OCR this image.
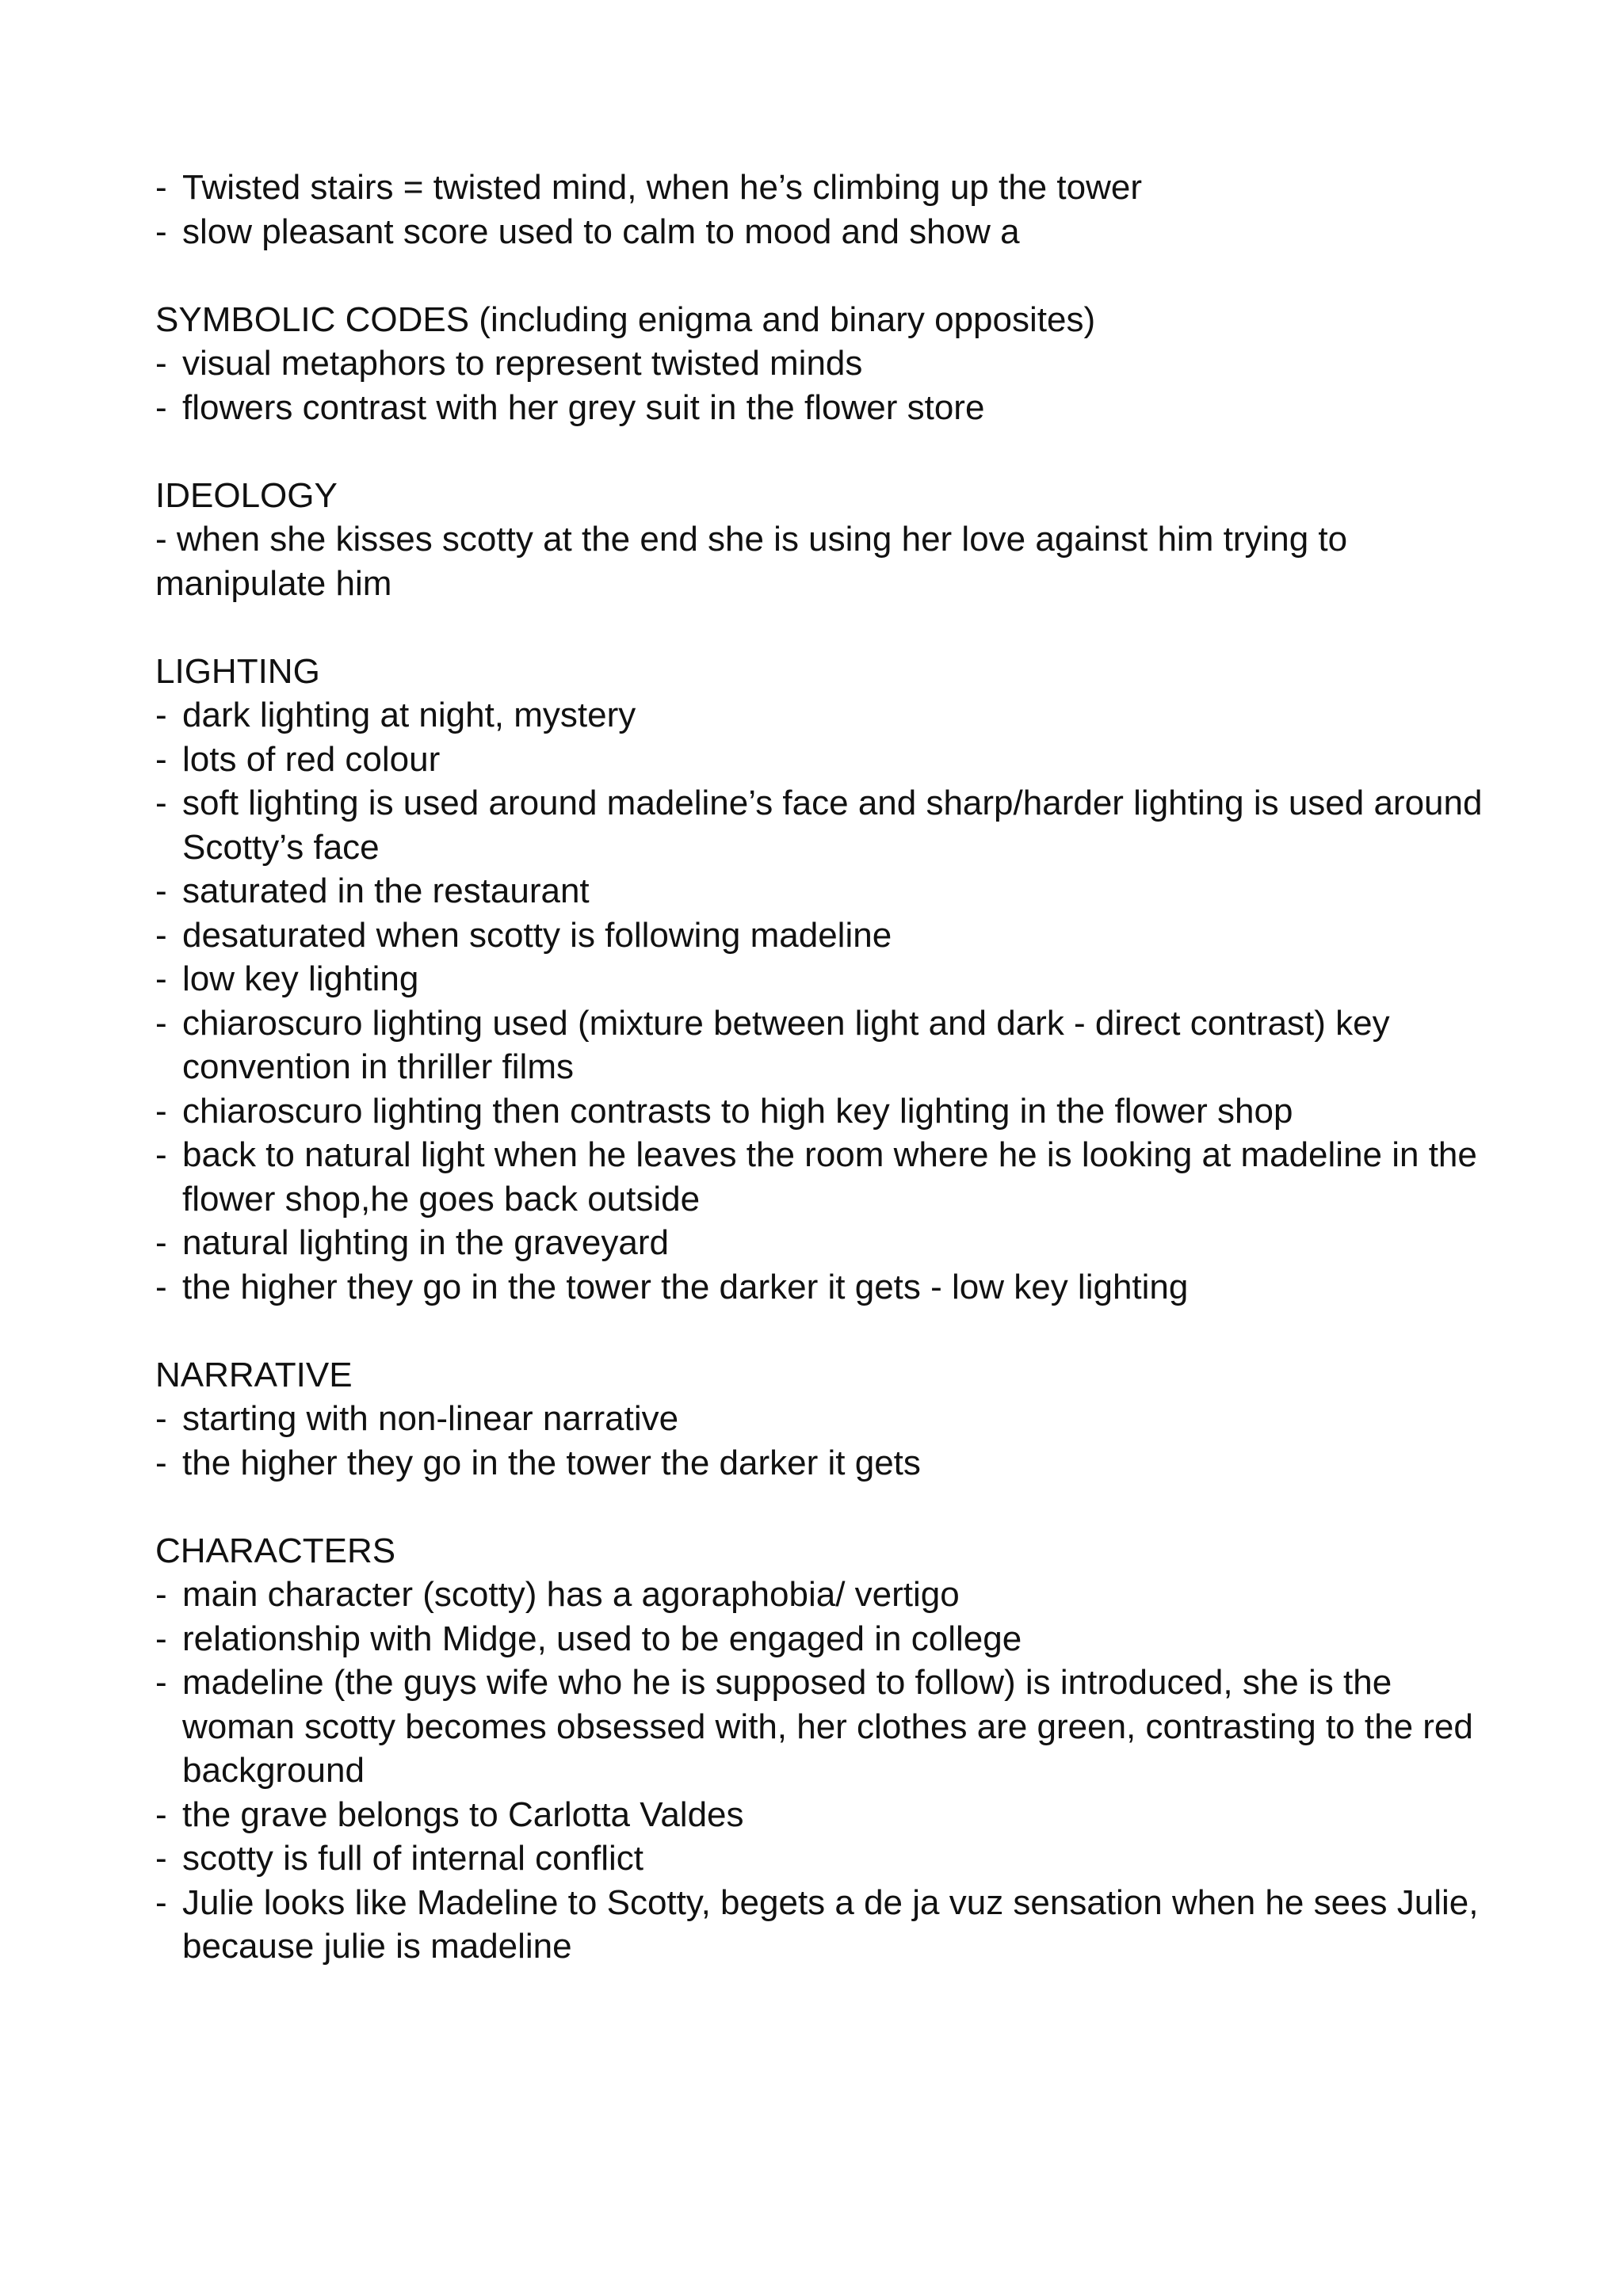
- Twisted stairs = twisted mind, when he’s climbing up the tower
- slow pleasant score used to calm to mood and show a
SYMBOLIC CODES (including enigma and binary opposites)
- visual metaphors to represent twisted minds
- flowers contrast with her grey suit in the flower store
IDEOLOGY
- when she kisses scotty at the end she is using her love against him trying to manipulate him
LIGHTING
- dark lighting at night, mystery
- lots of red colour
- soft lighting is used around madeline’s face and sharp/harder lighting is used around Scotty’s face
- saturated in the restaurant
- desaturated when scotty is following madeline
- low key lighting
- chiaroscuro lighting used (mixture between light and dark - direct contrast) key convention in thriller films
- chiaroscuro lighting then contrasts to high key lighting in the flower shop
- back to natural light when he leaves the room where he is looking at madeline in the flower shop,he goes back outside
- natural lighting in the graveyard
- the higher they go in the tower the darker it gets - low key lighting
NARRATIVE
- starting with non-linear narrative
- the higher they go in the tower the darker it gets
CHARACTERS
- main character (scotty) has a agoraphobia/ vertigo
- relationship with Midge, used to be engaged in college
- madeline (the guys wife who he is supposed to follow) is introduced, she is the woman scotty becomes obsessed with, her clothes are green, contrasting to the red background
- the grave belongs to Carlotta Valdes
- scotty is full of internal conflict
- Julie looks like Madeline to Scotty, begets a de ja vuz sensation when he sees Julie, because julie is madeline
